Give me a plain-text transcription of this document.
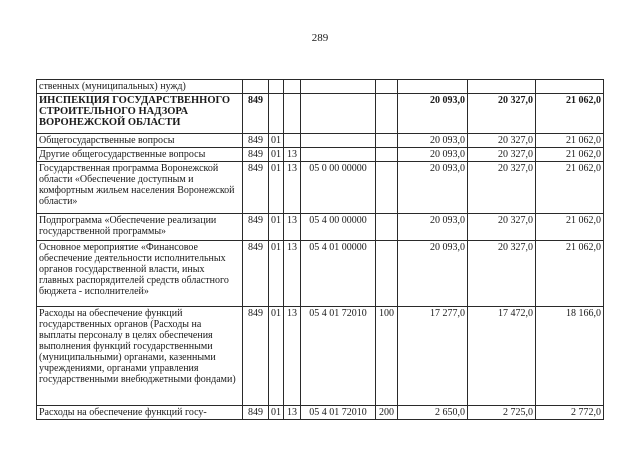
289
ственных (муниципальных) нужд)								
ИНСПЕКЦИЯ ГОСУДАРСТВЕННОГО СТРОИТЕЛЬНОГО НАДЗОРА ВОРОНЕЖСКОЙ ОБЛАСТИ	849					20 093,0	20 327,0	21 062,0
Общегосударственные вопросы	849	01				20 093,0	20 327,0	21 062,0
Другие общегосударственные вопросы	849	01	13			20 093,0	20 327,0	21 062,0
Государственная программа Воронежской области «Обеспечение доступным и комфортным жильем населения Воронежской области»	849	01	13	05 0 00 00000		20 093,0	20 327,0	21 062,0
Подпрограмма «Обеспечение реализации государственной программы»	849	01	13	05 4 00 00000		20 093,0	20 327,0	21 062,0
Основное мероприятие «Финансовое обеспечение деятельности исполнительных органов государственной власти, иных главных распорядителей средств областного бюджета - исполнителей»	849	01	13	05 4 01 00000		20 093,0	20 327,0	21 062,0
Расходы на обеспечение функций государственных органов (Расходы на выплаты персоналу в целях обеспечения выполнения функций государственными (муниципальными) органами, казенными учреждениями, органами управления государственными внебюджетными фондами)	849	01	13	05 4 01 72010	100	17 277,0	17 472,0	18 166,0
Расходы на обеспечение функций госу-	849	01	13	05 4 01 72010	200	2 650,0	2 725,0	2 772,0
